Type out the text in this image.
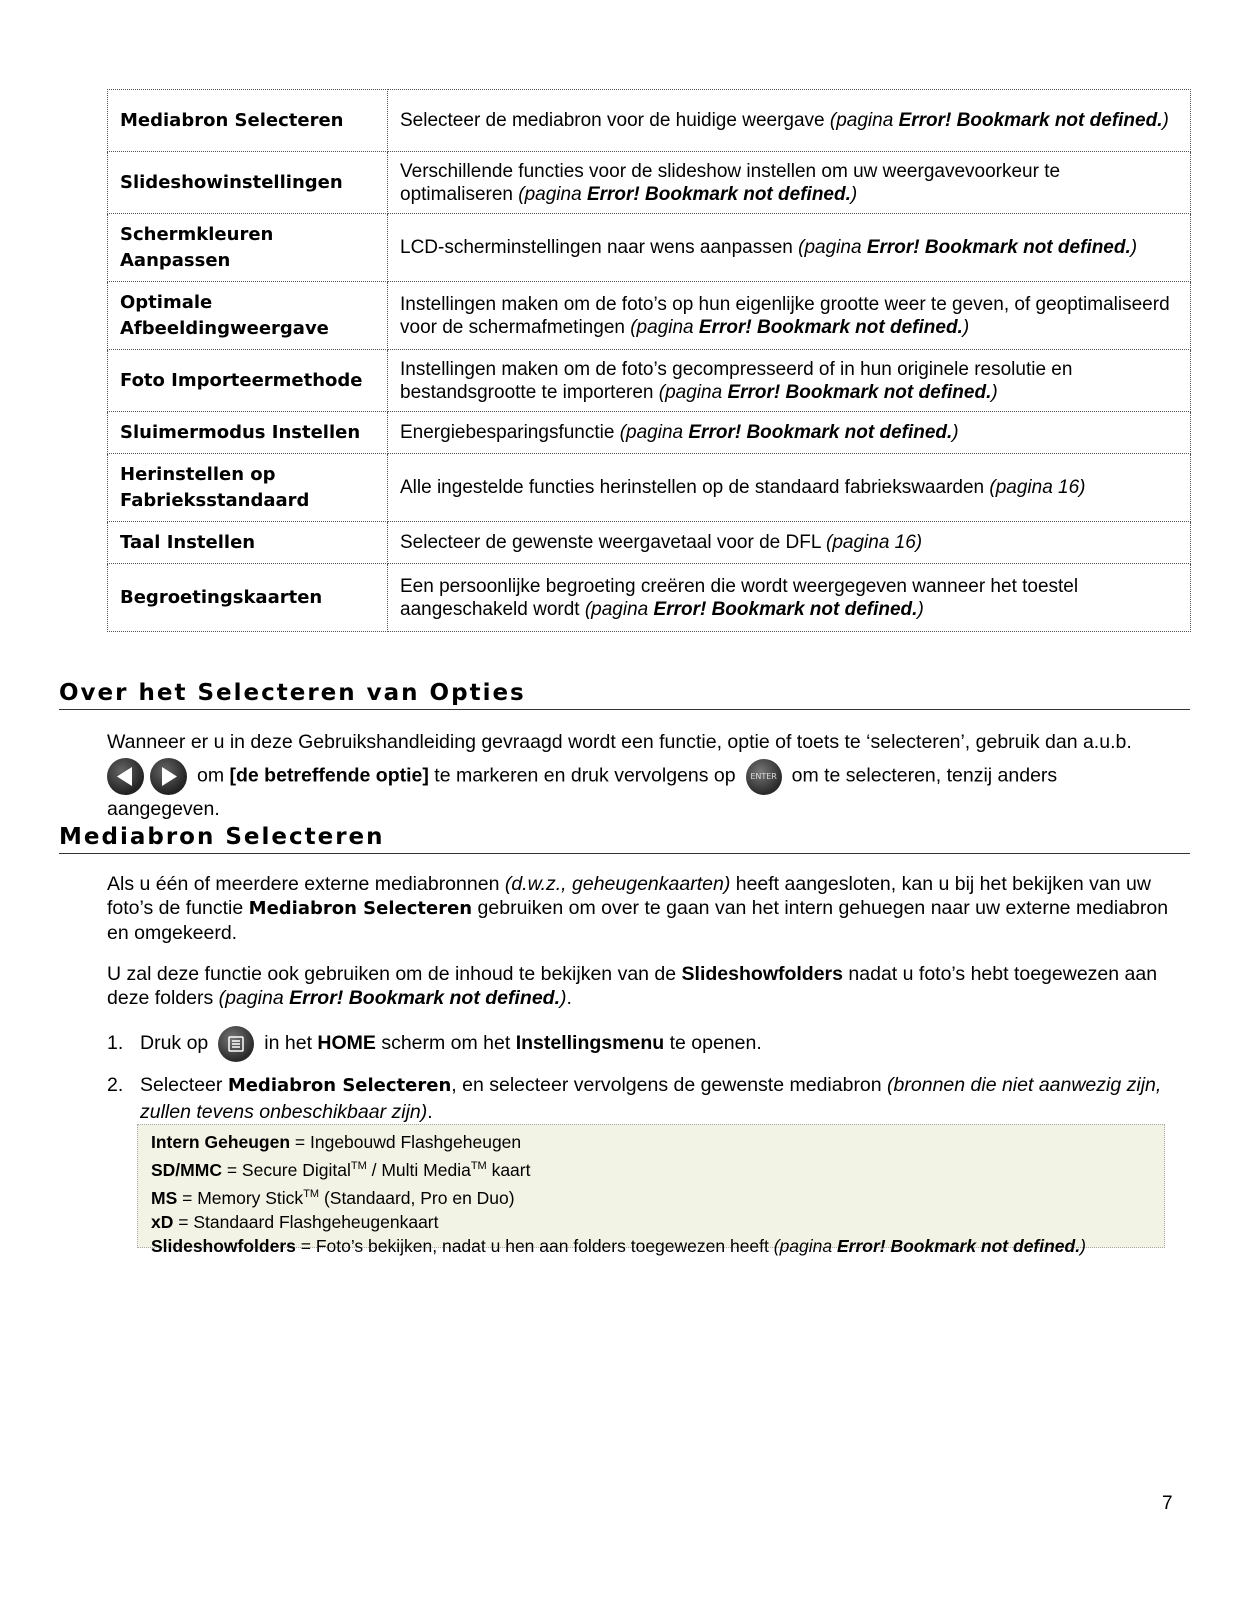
Mediabron Selecteren	Selecteer de mediabron voor de huidige weergave (pagina Error! Bookmark not defined.)
Slideshowinstellingen	Verschillende functies voor de slideshow instellen om uw weergavevoorkeur te optimaliseren (pagina Error! Bookmark not defined.)
Schermkleuren Aanpassen	LCD-scherminstellingen naar wens aanpassen (pagina Error! Bookmark not defined.)
Optimale Afbeeldingweergave	Instellingen maken om de foto’s op hun eigenlijke grootte weer te geven, of geoptimaliseerd voor de schermafmetingen (pagina Error! Bookmark not defined.)
Foto Importeermethode	Instellingen maken om de foto’s gecompresseerd of in hun originele resolutie en bestandsgrootte te importeren (pagina Error! Bookmark not defined.)
Sluimermodus Instellen	Energiebesparingsfunctie (pagina Error! Bookmark not defined.)
Herinstellen op Fabrieksstandaard	Alle ingestelde functies herinstellen op de standaard fabriekswaarden (pagina 16)
Taal Instellen	Selecteer de gewenste weergavetaal voor de DFL (pagina 16)
Begroetingskaarten	Een persoonlijke begroeting creëren die wordt weergegeven wanneer het toestel aangeschakeld wordt (pagina Error! Bookmark not defined.)
Over het Selecteren van Opties
Wanneer er u in deze Gebruikshandleiding gevraagd wordt een functie, optie of toets te ‘selecteren’, gebruik dan a.u.b.
om [de betreffende optie] te markeren en druk vervolgens op ENTER om te selecteren, tenzij anders
aangegeven.
Mediabron Selecteren
Als u één of meerdere externe mediabronnen (d.w.z., geheugenkaarten) heeft aangesloten, kan u bij het bekijken van uw foto’s de functie Mediabron Selecteren gebruiken om over te gaan van het intern gehuegen naar uw externe mediabron en omgekeerd.
U zal deze functie ook gebruiken om de inhoud te bekijken van de Slideshowfolders nadat u foto’s hebt toegewezen aan deze folders (pagina Error! Bookmark not defined.).
1. Druk op	in het HOME scherm om het Instellingsmenu te openen.
2. Selecteer Mediabron Selecteren, en selecteer vervolgens de gewenste mediabron (bronnen die niet aanwezig zijn, zullen tevens onbeschikbaar zijn).
Intern Geheugen = Ingebouwd Flashgeheugen
SD/MMC = Secure Digital™ / Multi Media™ kaart
MS = Memory Stick™ (Standaard, Pro en Duo)
xD = Standaard Flashgeheugenkaart
Slideshowfolders = Foto’s bekijken, nadat u hen aan folders toegewezen heeft (pagina Error! Bookmark not defined.)
7
